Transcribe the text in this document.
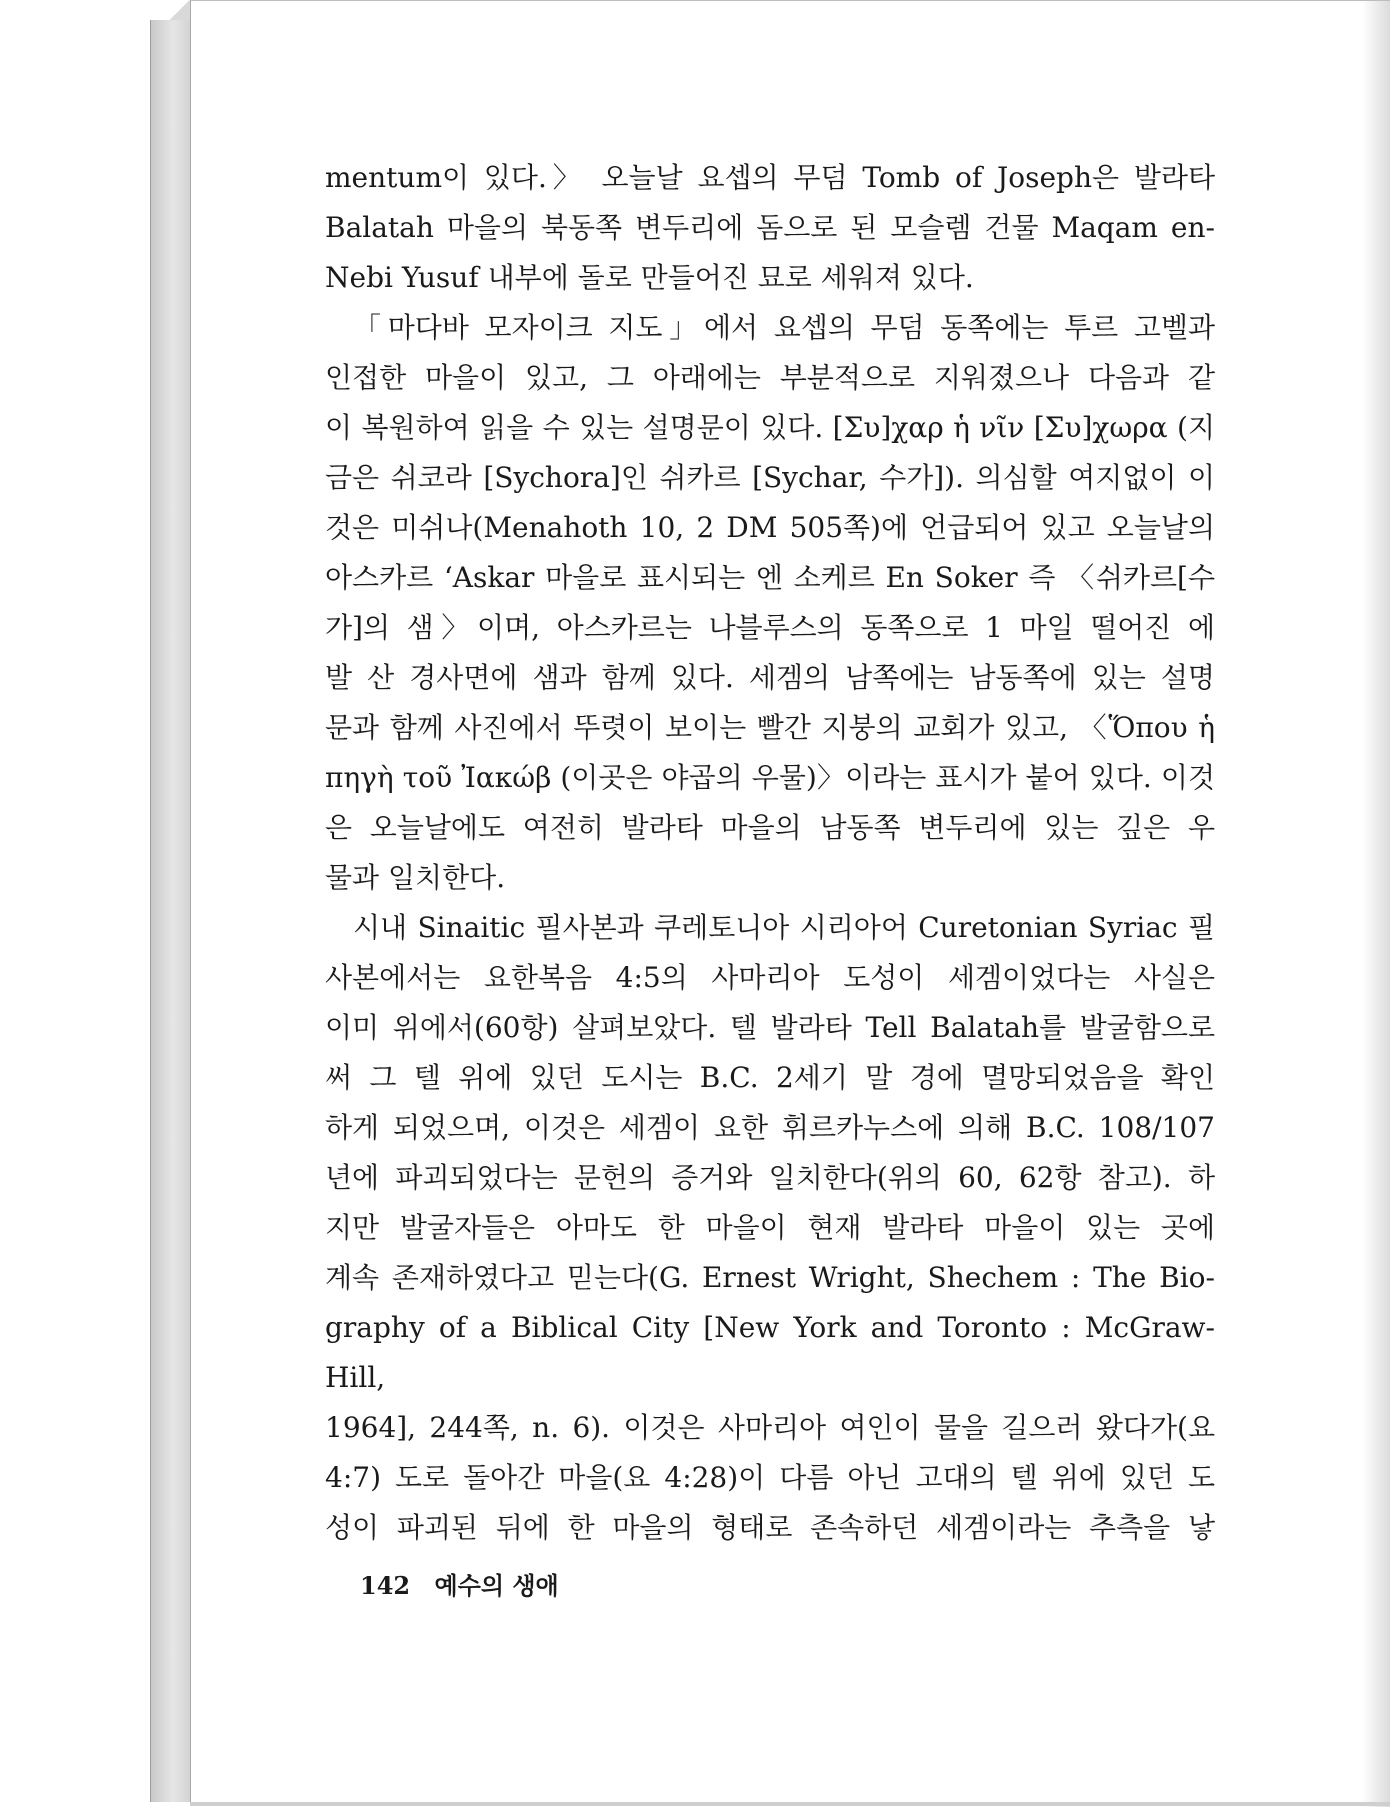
mentum이 있다.〉 오늘날 요셉의 무덤 Tomb of Joseph은 발라타

Balatah 마을의 북동쪽 변두리에 돔으로 된 모슬렘 건물 Maqam en-

Nebi Yusuf 내부에 돌로 만들어진 묘로 세워져 있다.

「마다바 모자이크 지도」에서 요셉의 무덤 동쪽에는 투르 고벨과

인접한 마을이 있고, 그 아래에는 부분적으로 지워졌으나 다음과 같

이 복원하여 읽을 수 있는 설명문이 있다. [Συ]χαρ ἡ νῖν [Συ]χωρα (지

금은 쉬코라 [Sychora]인 쉬카르 [Sychar, 수가]). 의심할 여지없이 이

것은 미쉬나(Menahoth 10, 2 DM 505쪽)에 언급되어 있고 오늘날의

아스카르 ‘Askar 마을로 표시되는 엔 소케르 En Soker 즉 〈쉬카르[수

가]의 샘〉이며, 아스카르는 나블루스의 동쪽으로 1 마일 떨어진 에

발 산 경사면에 샘과 함께 있다. 세겜의 남쪽에는 남동쪽에 있는 설명

문과 함께 사진에서 뚜렷이 보이는 빨간 지붕의 교회가 있고, 〈Ὅπου ἡ

πηγὴ τοῦ Ἰακώβ (이곳은 야곱의 우물)〉이라는 표시가 붙어 있다. 이것

은 오늘날에도 여전히 발라타 마을의 남동쪽 변두리에 있는 깊은 우

물과 일치한다.

시내 Sinaitic 필사본과 쿠레토니아 시리아어 Curetonian Syriac 필

사본에서는 요한복음 4:5의 사마리아 도성이 세겜이었다는 사실은

이미 위에서(60항) 살펴보았다. 텔 발라타 Tell Balatah를 발굴함으로

써 그 텔 위에 있던 도시는 B.C. 2세기 말 경에 멸망되었음을 확인

하게 되었으며, 이것은 세겜이 요한 휘르카누스에 의해 B.C. 108/107

년에 파괴되었다는 문헌의 증거와 일치한다(위의 60, 62항 참고). 하

지만 발굴자들은 아마도 한 마을이 현재 발라타 마을이 있는 곳에

계속 존재하였다고 믿는다(G. Ernest Wright, Shechem : The Bio-

graphy of a Biblical City [New York and Toronto : McGraw-Hill,

1964], 244쪽, n. 6). 이것은 사마리아 여인이 물을 길으러 왔다가(요

4:7) 도로 돌아간 마을(요 4:28)이 다름 아닌 고대의 텔 위에 있던 도

성이 파괴된 뒤에 한 마을의 형태로 존속하던 세겜이라는 추측을 낳

142 예수의 생애
